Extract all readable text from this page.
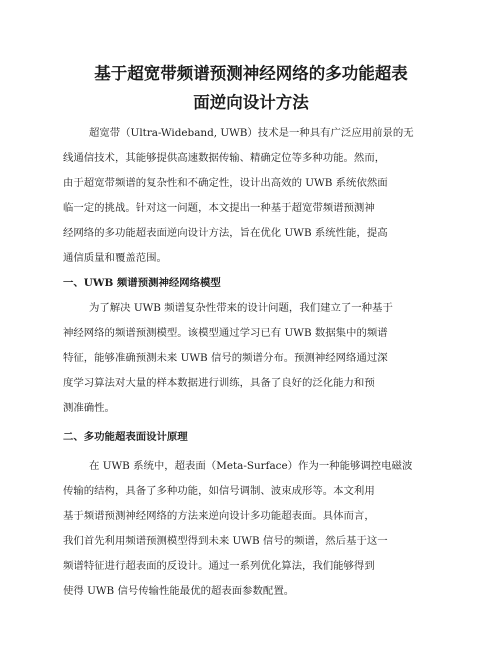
基于超宽带频谱预测神经网络的多功能超表
面逆向设计方法

超宽带（Ultra-Wideband, UWB）技术是一种具有广泛应用前景的无

线通信技术，其能够提供高速数据传输、精确定位等多种功能。然而，

由于超宽带频谱的复杂性和不确定性，设计出高效的 UWB 系统依然面

临一定的挑战。针对这一问题，本文提出一种基于超宽带频谱预测神

经网络的多功能超表面逆向设计方法，旨在优化 UWB 系统性能，提高

通信质量和覆盖范围。

一、UWB 频谱预测神经网络模型

为了解决 UWB 频谱复杂性带来的设计问题，我们建立了一种基于

神经网络的频谱预测模型。该模型通过学习已有 UWB 数据集中的频谱

特征，能够准确预测未来 UWB 信号的频谱分布。预测神经网络通过深

度学习算法对大量的样本数据进行训练，具备了良好的泛化能力和预

测准确性。

二、多功能超表面设计原理

在 UWB 系统中，超表面（Meta-Surface）作为一种能够调控电磁波

传输的结构，具备了多种功能，如信号调制、波束成形等。本文利用

基于频谱预测神经网络的方法来逆向设计多功能超表面。具体而言，

我们首先利用频谱预测模型得到未来 UWB 信号的频谱，然后基于这一

频谱特征进行超表面的反设计。通过一系列优化算法，我们能够得到

使得 UWB 信号传输性能最优的超表面参数配置。
